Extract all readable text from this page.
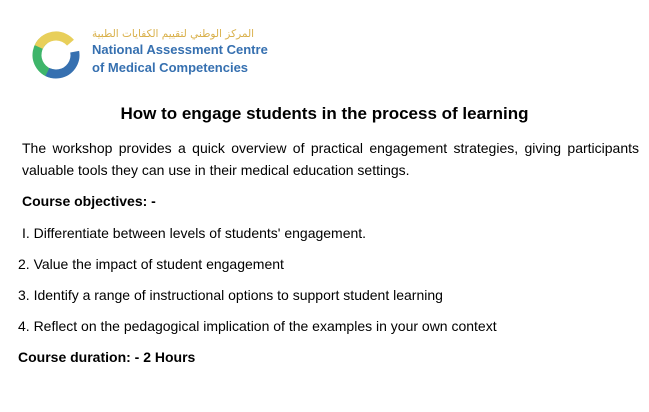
المركز الوطني لتقييم الكفايات الطبية
National Assessment Centre
of Medical Competencies
How to engage students in the process of learning
The workshop provides a quick overview of practical engagement strategies, giving participants valuable tools they can use in their medical education settings.
Course objectives: -
I. Differentiate between levels of students' engagement.
2. Value the impact of student engagement
3. Identify a range of instructional options to support student learning
4. Reflect on the pedagogical implication of the examples in your own context
Course duration: - 2 Hours
